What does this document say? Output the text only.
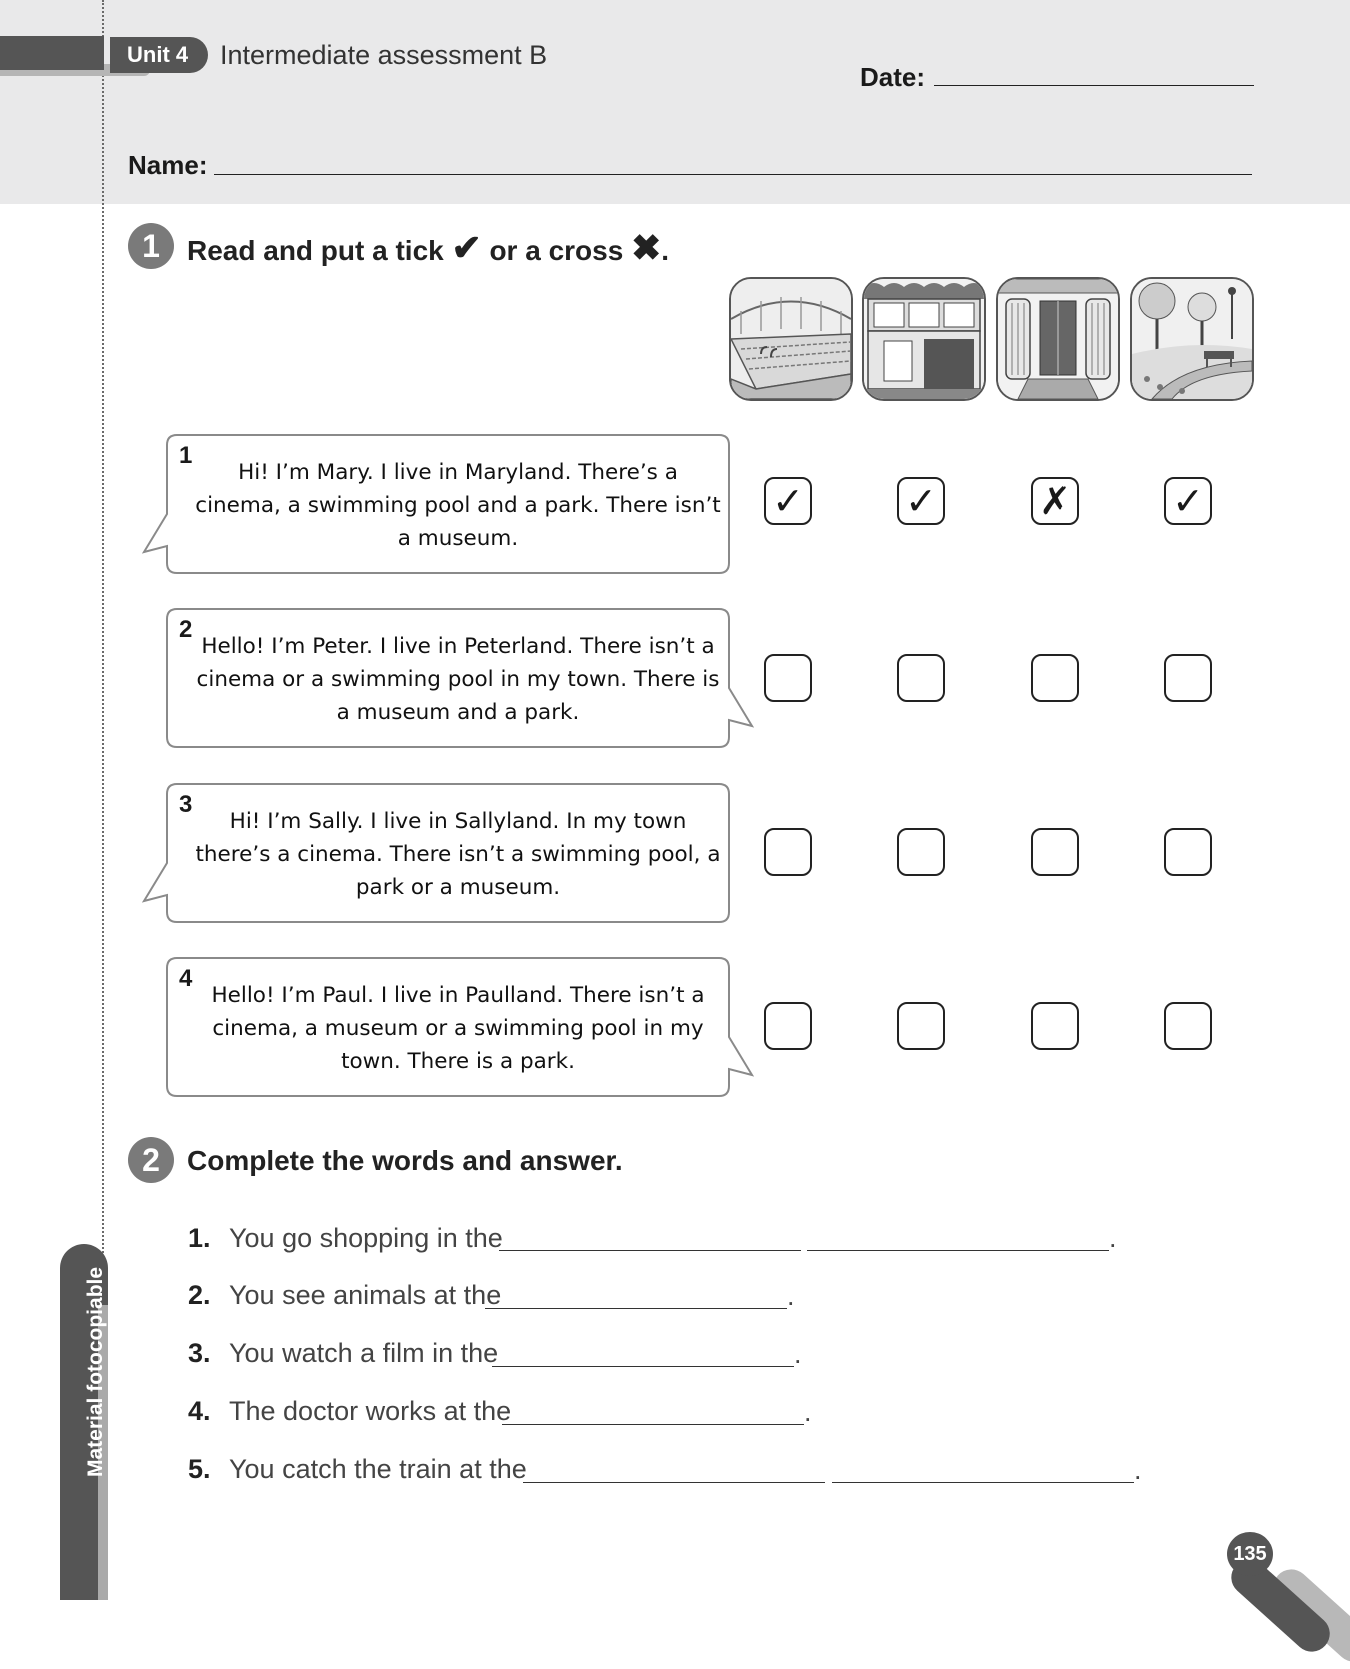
Unit 4	Intermediate assessment B
Date:
Name:
1 Read and put a tick ✔ or a cross ✖.
1
Hi! I’m Mary. I live in Maryland. There’s a cinema, a swimming pool and a park. There isn’t a museum.
✓	✓	✗	✓
2
Hello! I’m Peter. I live in Peterland. There isn’t a cinema or a swimming pool in my town. There is a museum and a park.
3
Hi! I’m Sally. I live in Sallyland. In my town there’s a cinema. There isn’t a swimming pool, a park or a museum.
4
Hello! I’m Paul. I live in Paulland. There isn’t a cinema, a museum or a swimming pool in my town. There is a park.
2 Complete the words and answer.
1. You go shopping in the	.
2. You see animals at the	.
3. You watch a film in the	.
4. The doctor works at the	.
5. You catch the train at the	.
Material fotocopiable
135
